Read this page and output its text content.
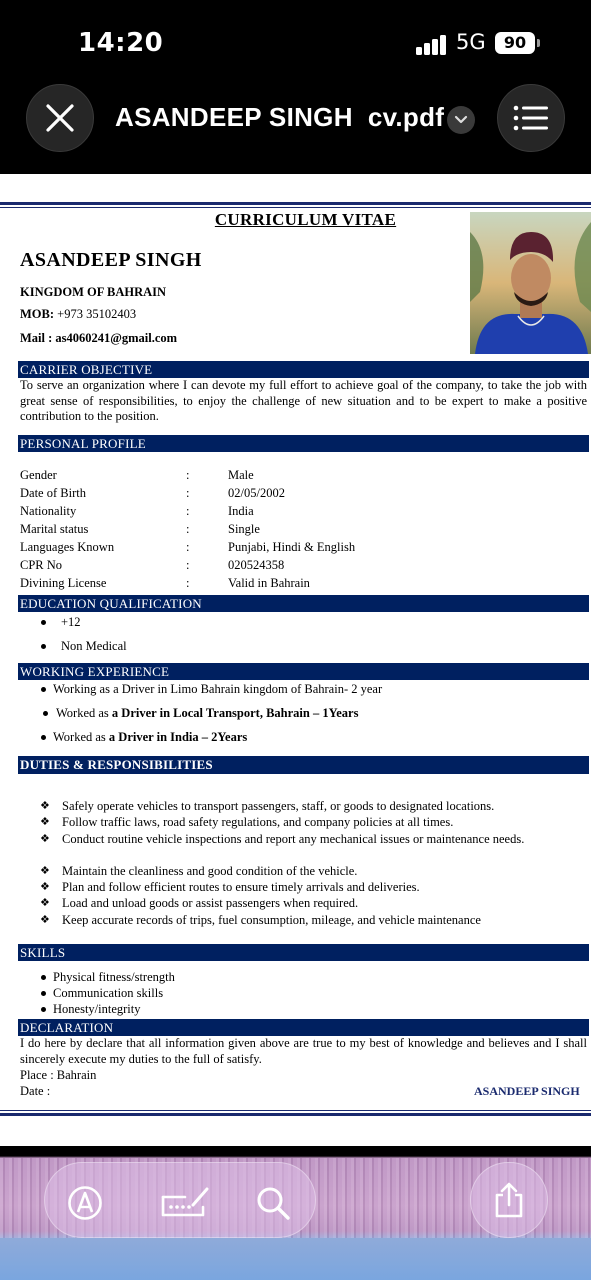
14:20	5G	90
ASANDEEP SINGH  cv.pdf
CURRICULUM VITAE
ASANDEEP SINGH
KINGDOM OF BAHRAIN
MOB: +973 35102403
Mail : as4060241@gmail.com
CARRIER OBJECTIVE
To serve an organization where I can devote my full effort to achieve goal of the company, to take the job with great sense of responsibilities, to enjoy the challenge of new situation and to be expert to make a positive contribution to the position.
PERSONAL PROFILE
Gender	:	Male
Date of Birth	:	02/05/2002
Nationality	:	India
Marital status	:	Single
Languages Known	:	Punjabi, Hindi & English
CPR No	:	020524358
Divining License	:	Valid in Bahrain
EDUCATION QUALIFICATION
+12
Non Medical
WORKING EXPERIENCE
Working as a Driver in Limo Bahrain kingdom of Bahrain- 2 year
Worked as a Driver in Local Transport, Bahrain – 1Years
Worked as a Driver in India – 2Years
DUTIES & RESPONSIBILITIES
❖ Safely operate vehicles to transport passengers, staff, or goods to designated locations.
❖ Follow traffic laws, road safety regulations, and company policies at all times.
❖ Conduct routine vehicle inspections and report any mechanical issues or maintenance needs.
❖ Maintain the cleanliness and good condition of the vehicle.
❖ Plan and follow efficient routes to ensure timely arrivals and deliveries.
❖ Load and unload goods or assist passengers when required.
❖ Keep accurate records of trips, fuel consumption, mileage, and vehicle maintenance
SKILLS
Physical fitness/strength
Communication skills
Honesty/integrity
DECLARATION
I do here by declare that all information given above are true to my best of knowledge and believes and I shall sincerely execute my duties to the full of satisfy.
Place : Bahrain
Date :	ASANDEEP SINGH
